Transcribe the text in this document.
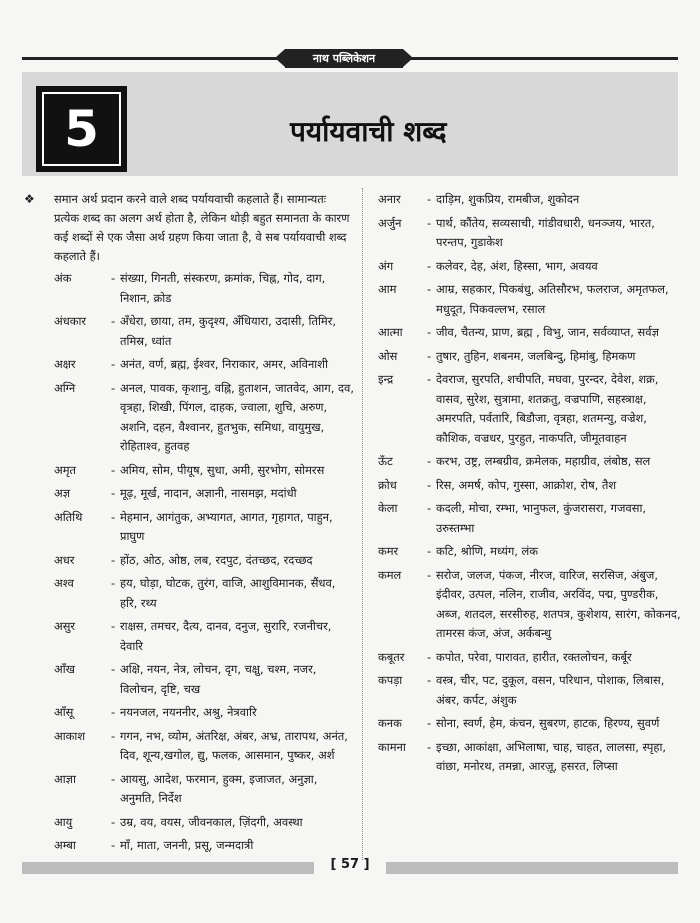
नाथ पब्लिकेशन
5	पर्यायवाची शब्द
❖	समान अर्थ प्रदान करने वाले शब्द पर्यायवाची कहलाते हैं। सामान्यतः प्रत्येक शब्द का अलग अर्थ होता है, लेकिन थोड़ी बहुत समानता के कारण कई शब्दों से एक जैसा अर्थ ग्रहण किया जाता है, वे सब पर्यायवाची शब्द कहलाते हैं।
अंक	- संख्या, गिनती, संस्करण, क्रमांक, चिह्न, गोद, दाग, निशान, क्रोड
अंधकार	- अँधेरा, छाया, तम, कुदृश्य, अँधियारा, उदासी, तिमिर, तमिस्र, ध्वांत
अक्षर	- अनंत, वर्ण, ब्रह्म, ईश्वर, निराकार, अमर, अविनाशी
अग्नि	- अनल, पावक, कृशानु, वह्नि, हुताशन, जातवेद, आग, दव, वृत्रहा, शिखी, पिंगल, दाहक, ज्वाला, शुचि, अरुण, अशनि, दहन, वैश्वानर, हुतभुक, समिधा, वायुमुख, रोहिताश्व, हुतवह
अमृत	- अमिय, सोम, पीयूष, सुधा, अमी, सुरभोग, सोमरस
अज्ञ	- मूढ़, मूर्ख, नादान, अज्ञानी, नासमझ, मदांधी
अतिथि	- मेहमान, आगंतुक, अभ्यागत, आगत, गृहागत, पाहुन, प्राघुण
अधर	- होंठ, ओठ, ओष्ठ, लब, रदपुट, दंतच्छद, रदच्छद
अश्व	- हय, घोड़ा, घोटक, तुरंग, वाजि, आशुविमानक, सैंधव, हरि, रथ्य
असुर	- राक्षस, तमचर, दैत्य, दानव, दनुज, सुरारि, रजनीचर, देवारि
आँख	- अक्षि, नयन, नेत्र, लोचन, दृग, चक्षु, चश्म, नजर, विलोचन, दृष्टि, चख
आँसू	- नयनजल, नयननीर, अश्रु, नेत्रवारि
आकाश	- गगन, नभ, व्योम, अंतरिक्ष, अंबर, अभ्र, तारापथ, अनंत, दिव, शून्य,खगोल, द्यु, फलक, आसमान, पुष्कर, अर्श
आज्ञा	- आयसु, आदेश, फरमान, हुक्म, इजाजत, अनुज्ञा, अनुमति, निर्देश
आयु	- उम्र, वय, वयस, जीवनकाल, ज़िंदगी, अवस्था
अम्बा	- माँ, माता, जननी, प्रसू, जन्मदात्री
अनार	- दाड़िम, शुकप्रिय, रामबीज, शुकोदन
अर्जुन	- पार्थ, कौंतेय, सव्यसाची, गांडीवधारी, धनञ्जय, भारत, परन्तप, गुडाकेश
अंग	- कलेवर, देह, अंश, हिस्सा, भाग, अवयव
आम	- आम्र, सहकार, पिकबंधु, अतिसौरभ, फलराज, अमृतफल, मधुदूत, पिकवल्लभ, रसाल
आत्मा	- जीव, चैतन्य, प्राण, ब्रह्म , विभु, जान, सर्वव्याप्त, सर्वज्ञ
ओस	- तुषार, तुहिन, शबनम, जलबिन्दु, हिमांबु, हिमकण
इन्द्र	- देवराज, सुरपति, शचीपति, मघवा, पुरन्दर, देवेश, शक्र, वासव, सुरेश, सुत्रामा, शतक्रतु, वज्रपाणि, सहस्त्राक्ष, अमरपति, पर्वतारि, बिडौजा, वृत्रहा, शतमन्यु, वज्रेश, कौशिक, वज्रधर, पुरहुत, नाकपति, जीमूतवाहन
ऊँट	- करभ, उष्ट्र, लम्बग्रीव, क्रमेलक, महाग्रीव, लंबोष्ठ, सल
क्रोध	- रिस, अमर्ष, कोप, गुस्सा, आक्रोश, रोष, तैश
केला	- कदली, मोचा, रम्भा, भानुफल, कुंजरासरा, गजवसा, उरुस्तम्भा
कमर	- कटि, श्रोणि, मध्यंग, लंक
कमल	- सरोज, जलज, पंकज, नीरज, वारिज, सरसिज, अंबुज, इंदीवर, उत्पल, नलिन, राजीव, अरविंद, पद्म, पुण्डरीक, अब्ज, शतदल, सरसीरुह, शतपत्र, कुशेशय, सारंग, कोकनद, तामरस कंज, अंज, अर्कबन्धु
कबूतर	- कपोत, परेवा, पारावत, हारीत, रक्तलोचन, कर्बूर
कपड़ा	- वस्त्र, चीर, पट, दुकूल, वसन, परिधान, पोशाक, लिबास, अंबर, कर्पट, अंशुक
कनक	- सोना, स्वर्ण, हेम, कंचन, सुबरण, हाटक, हिरण्य, सुवर्ण
कामना	- इच्छा, आकांक्षा, अभिलाषा, चाह, चाहत, लालसा, स्पृहा, वांछा, मनोरथ, तमन्ना, आरज़ू, हसरत, लिप्सा
[ 57 ]
